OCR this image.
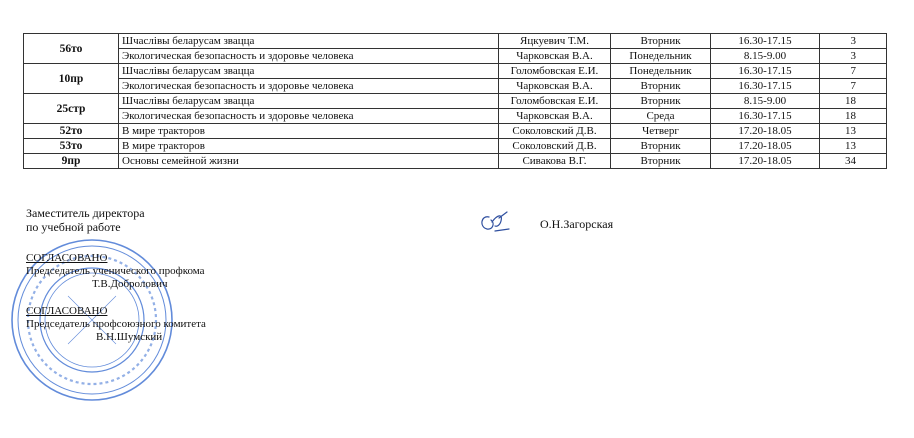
56то	Шчаслівы беларусам звацца	Яцкуевич Т.М.	Вторник	16.30-17.15	3
	Экологическая безопасность и здоровье человека	Чарковская В.А.	Понедельник	8.15-9.00	3
10пр	Шчаслівы беларусам звацца	Голомбовская Е.И.	Понедельник	16.30-17.15	7
	Экологическая безопасность и здоровье человека	Чарковская В.А.	Вторник	16.30-17.15	7
25стр	Шчаслівы беларусам звацца	Голомбовская Е.И.	Вторник	8.15-9.00	18
	Экологическая безопасность и здоровье человека	Чарковская В.А.	Среда	16.30-17.15	18
52то	В мире тракторов	Соколовский Д.В.	Четверг	17.20-18.05	13
53то	В мире тракторов	Соколовский Д.В.	Вторник	17.20-18.05	13
9пр	Основы семейной жизни	Сивакова В.Г.	Вторник	17.20-18.05	34
Заместитель директора
по учебной работе	О.Н.Загорская
СОГЛАСОВАНО
Председатель ученического профкома
Т.В.Добролович
СОГЛАСОВАНО
Председатель профсоюзного комитета
В.Н.Шумский
